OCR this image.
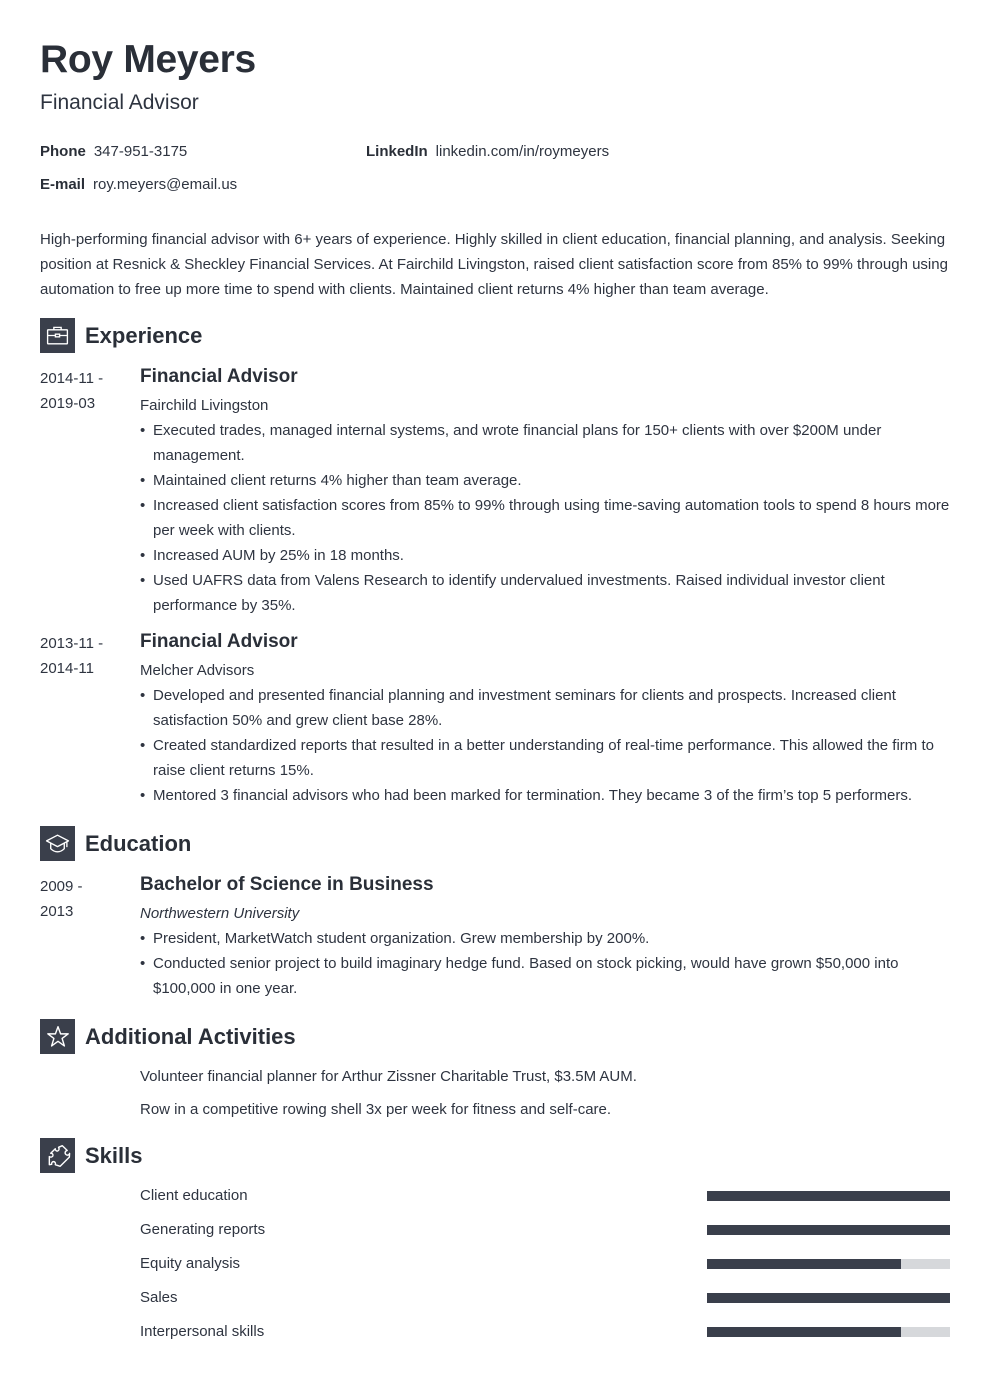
Roy Meyers
Financial Advisor
Phone 347-951-3175	LinkedIn linkedin.com/in/roymeyers
E-mail roy.meyers@email.us

High-performing financial advisor with 6+ years of experience. Highly skilled in client education, financial planning, and analysis. Seeking position at Resnick & Sheckley Financial Services. At Fairchild Livingston, raised client satisfaction score from 85% to 99% through using automation to free up more time to spend with clients. Maintained client returns 4% higher than team average.

Experience
2014-11 -
2019-03
Financial Advisor
Fairchild Livingston
• Executed trades, managed internal systems, and wrote financial plans for 150+ clients with over $200M under management.
• Maintained client returns 4% higher than team average.
• Increased client satisfaction scores from 85% to 99% through using time-saving automation tools to spend 8 hours more per week with clients.
• Increased AUM by 25% in 18 months.
• Used UAFRS data from Valens Research to identify undervalued investments. Raised individual investor client performance by 35%.
2013-11 -
2014-11
Financial Advisor
Melcher Advisors
• Developed and presented financial planning and investment seminars for clients and prospects. Increased client satisfaction 50% and grew client base 28%.
• Created standardized reports that resulted in a better understanding of real-time performance. This allowed the firm to raise client returns 15%.
• Mentored 3 financial advisors who had been marked for termination. They became 3 of the firm’s top 5 performers.
Education
2009 -
2013
Bachelor of Science in Business
Northwestern University
• President, MarketWatch student organization. Grew membership by 200%.
• Conducted senior project to build imaginary hedge fund. Based on stock picking, would have grown $50,000 into $100,000 in one year.
Additional Activities
Volunteer financial planner for Arthur Zissner Charitable Trust, $3.5M AUM.
Row in a competitive rowing shell 3x per week for fitness and self-care.
Skills
Client education
Generating reports
Equity analysis
Sales
Interpersonal skills
